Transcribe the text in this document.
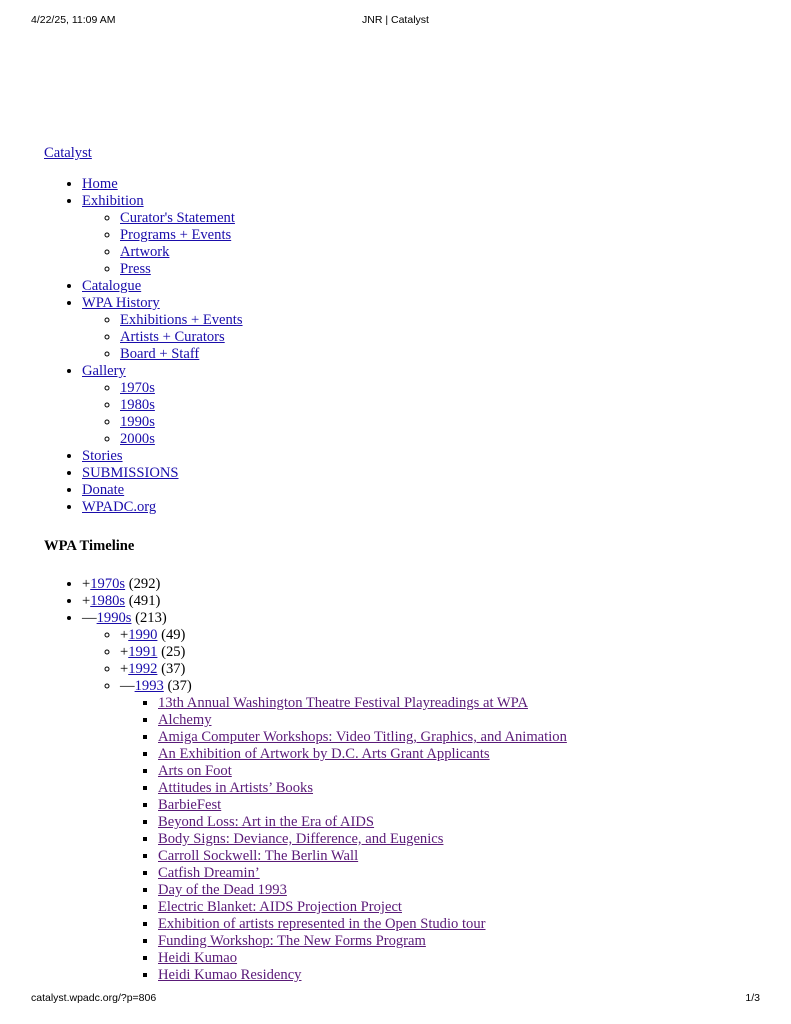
4/22/25, 11:09 AM	JNR | Catalyst
Catalyst
• Home
• Exhibition
◦ Curator's Statement
◦ Programs + Events
◦ Artwork
◦ Press
• Catalogue
• WPA History
◦ Exhibitions + Events
◦ Artists + Curators
◦ Board + Staff
• Gallery
◦ 1970s
◦ 1980s
◦ 1990s
◦ 2000s
• Stories
• SUBMISSIONS
• Donate
• WPADC.org
WPA Timeline
• +1970s (292)
• +1980s (491)
• —1990s (213)
◦ +1990 (49)
◦ +1991 (25)
◦ +1992 (37)
◦ —1993 (37)
▪ 13th Annual Washington Theatre Festival Playreadings at WPA
▪ Alchemy
▪ Amiga Computer Workshops: Video Titling, Graphics, and Animation
▪ An Exhibition of Artwork by D.C. Arts Grant Applicants
▪ Arts on Foot
▪ Attitudes in Artists’ Books
▪ BarbieFest
▪ Beyond Loss: Art in the Era of AIDS
▪ Body Signs: Deviance, Difference, and Eugenics
▪ Carroll Sockwell: The Berlin Wall
▪ Catfish Dreamin’
▪ Day of the Dead 1993
▪ Electric Blanket: AIDS Projection Project
▪ Exhibition of artists represented in the Open Studio tour
▪ Funding Workshop: The New Forms Program
▪ Heidi Kumao
▪ Heidi Kumao Residency
catalyst.wpadc.org/?p=806	1/3
